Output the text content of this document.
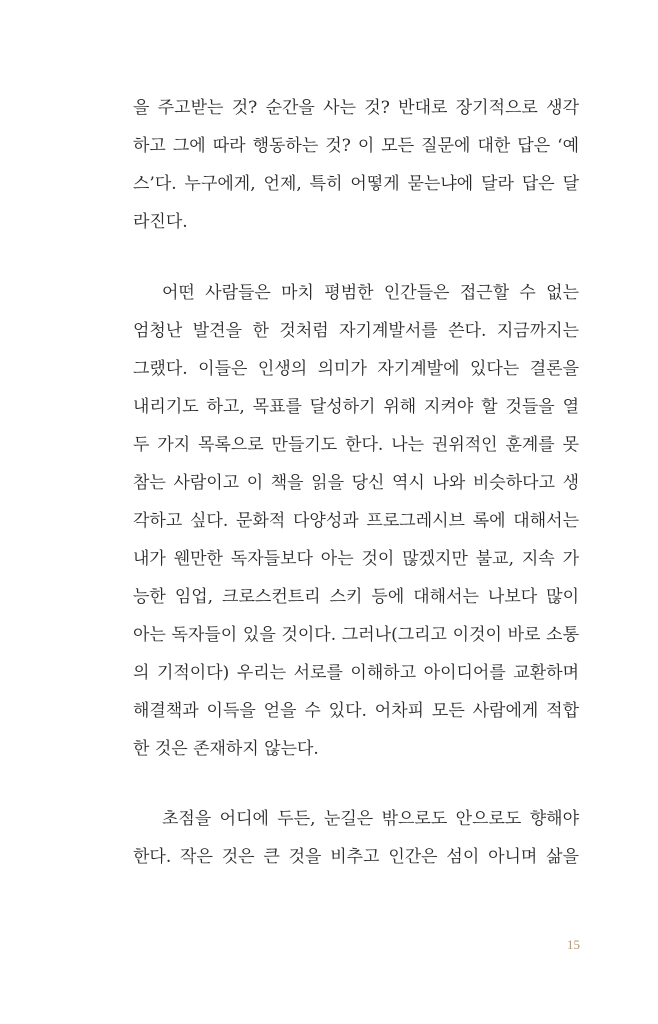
을 주고받는 것? 순간을 사는 것? 반대로 장기적으로 생각
하고 그에 따라 행동하는 것? 이 모든 질문에 대한 답은 ‘예
스’다. 누구에게, 언제, 특히 어떻게 묻는냐에 달라 답은 달
라진다.
어떤 사람들은 마치 평범한 인간들은 접근할 수 없는
엄청난 발견을 한 것처럼 자기계발서를 쓴다. 지금까지는
그랬다. 이들은 인생의 의미가 자기계발에 있다는 결론을
내리기도 하고, 목표를 달성하기 위해 지켜야 할 것들을 열
두 가지 목록으로 만들기도 한다. 나는 권위적인 훈계를 못
참는 사람이고 이 책을 읽을 당신 역시 나와 비슷하다고 생
각하고 싶다. 문화적 다양성과 프로그레시브 록에 대해서는
내가 웬만한 독자들보다 아는 것이 많겠지만 불교, 지속 가
능한 임업, 크로스컨트리 스키 등에 대해서는 나보다 많이
아는 독자들이 있을 것이다. 그러나(그리고 이것이 바로 소통
의 기적이다) 우리는 서로를 이해하고 아이디어를 교환하며
해결책과 이득을 얻을 수 있다. 어차피 모든 사람에게 적합
한 것은 존재하지 않는다.
초점을 어디에 두든, 눈길은 밖으로도 안으로도 향해야
한다. 작은 것은 큰 것을 비추고 인간은 섬이 아니며 삶을
15
